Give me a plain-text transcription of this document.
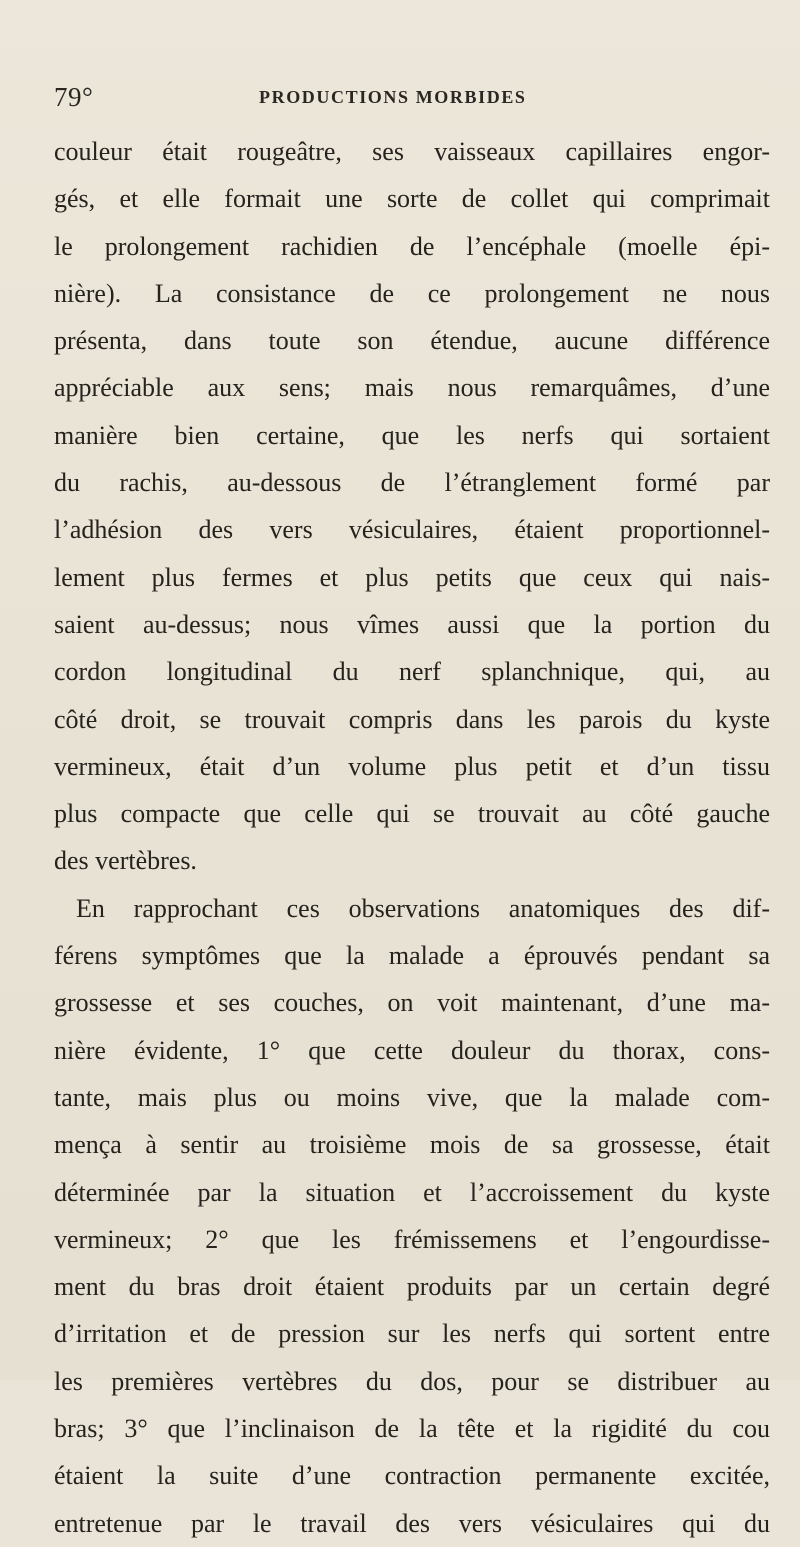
79°	PRODUCTIONS MORBIDES
couleur était rougeâtre, ses vaisseaux capillaires engor-
gés, et elle formait une sorte de collet qui comprimait
le prolongement rachidien de l’encéphale (moelle épi-
nière). La consistance de ce prolongement ne nous
présenta, dans toute son étendue, aucune différence
appréciable aux sens; mais nous remarquâmes, d’une
manière bien certaine, que les nerfs qui sortaient
du rachis, au-dessous de l’étranglement formé par
l’adhésion des vers vésiculaires, étaient proportionnel-
lement plus fermes et plus petits que ceux qui nais-
saient au-dessus; nous vîmes aussi que la portion du
cordon longitudinal du nerf splanchnique, qui, au
côté droit, se trouvait compris dans les parois du kyste
vermineux, était d’un volume plus petit et d’un tissu
plus compacte que celle qui se trouvait au côté gauche
des vertèbres.
En rapprochant ces observations anatomiques des dif-
férens symptômes que la malade a éprouvés pendant sa
grossesse et ses couches, on voit maintenant, d’une ma-
nière évidente, 1° que cette douleur du thorax, cons-
tante, mais plus ou moins vive, que la malade com-
mença à sentir au troisième mois de sa grossesse, était
déterminée par la situation et l’accroissement du kyste
vermineux; 2° que les frémissemens et l’engourdisse-
ment du bras droit étaient produits par un certain degré
d’irritation et de pression sur les nerfs qui sortent entre
les premières vertèbres du dos, pour se distribuer au
bras; 3° que l’inclinaison de la tête et la rigidité du cou
étaient la suite d’une contraction permanente excitée,
entretenue par le travail des vers vésiculaires qui du
